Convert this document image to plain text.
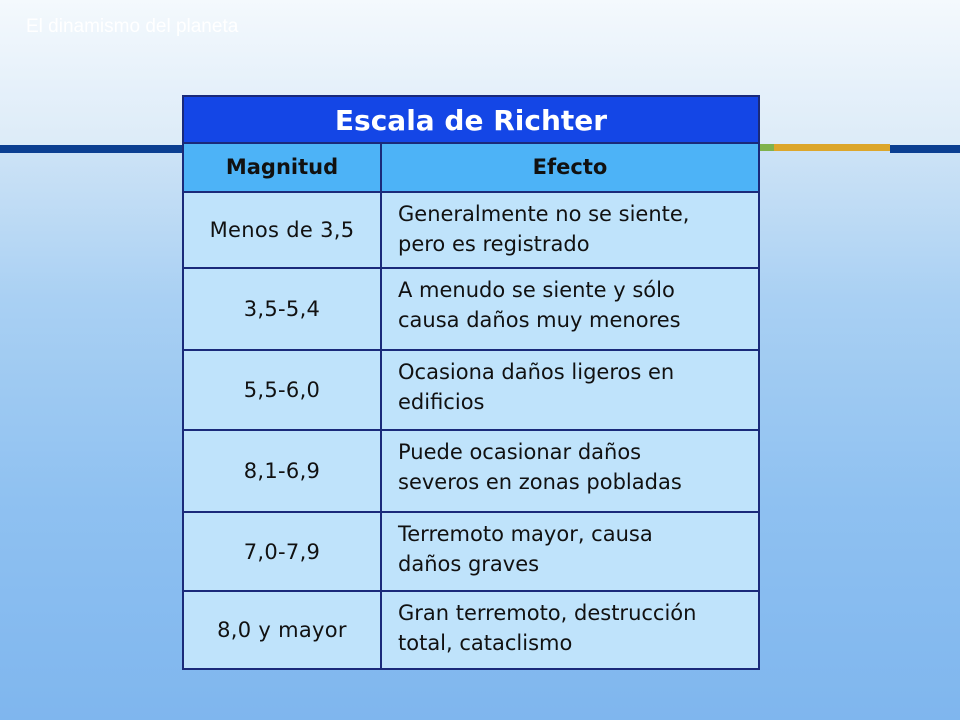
El dinamismo del planeta
Escala de Richter
Magnitud	Efecto
Menos de 3,5
Generalmente no se siente,
pero es registrado
3,5-5,4
A menudo se siente y sólo
causa daños muy menores
5,5-6,0
Ocasiona daños ligeros en
edificios
8,1-6,9
Puede ocasionar daños
severos en zonas pobladas
7,0-7,9
Terremoto mayor, causa
daños graves
8,0 y mayor
Gran terremoto, destrucción
total, cataclismo
